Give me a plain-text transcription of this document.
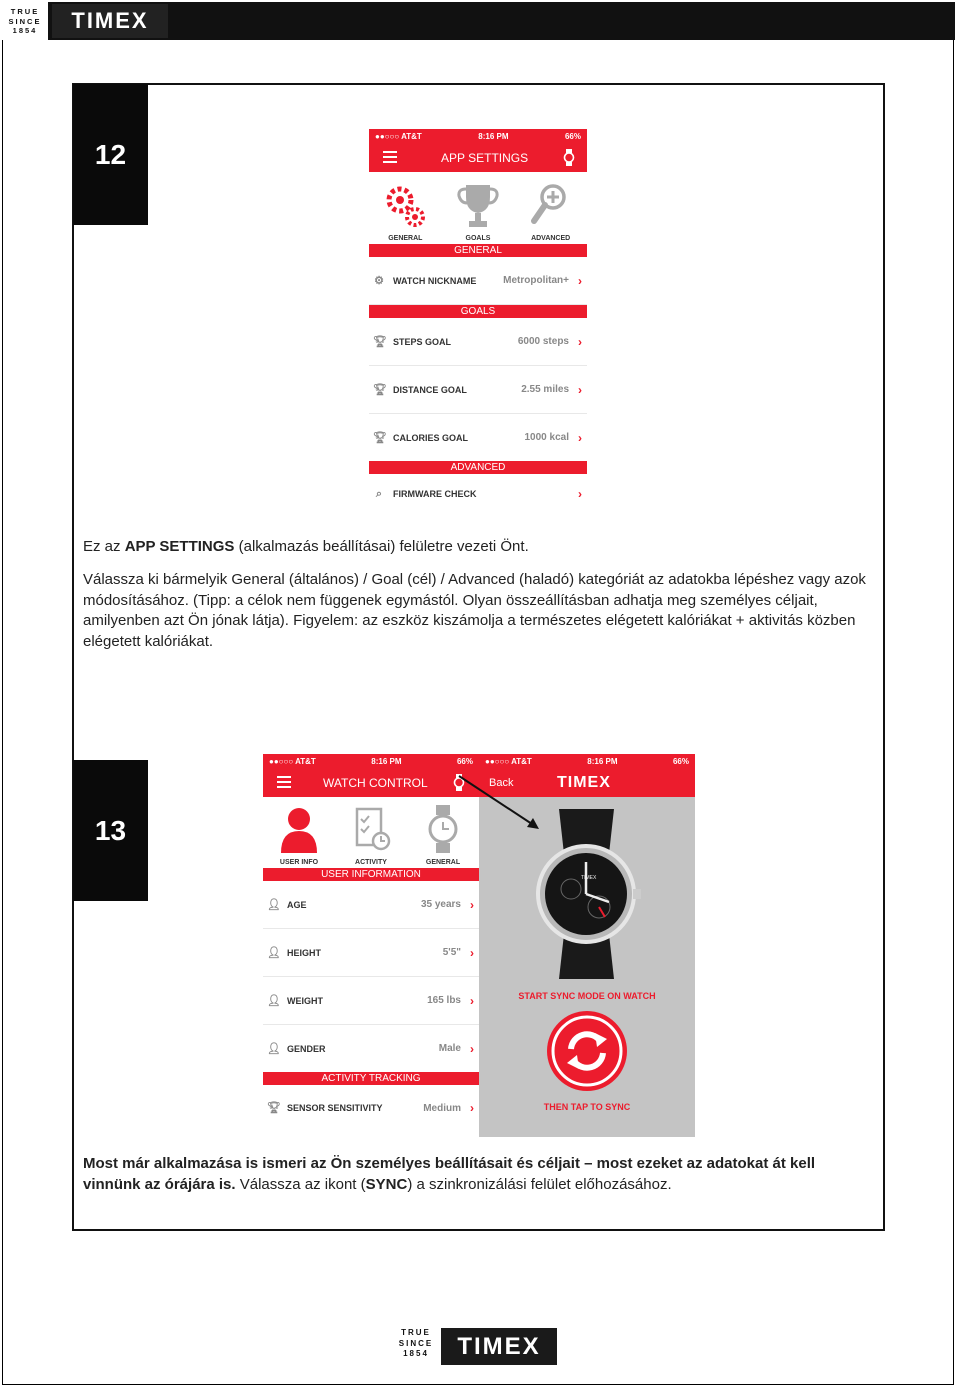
TRUE
SINCE
1854	TIMEX
12
●●○○○ AT&T	8:16 PM	66%
APP SETTINGS
GENERAL	GOALS	ADVANCED
GENERAL
⚙ WATCH NICKNAME	Metropolitan+ ›
GOALS
🏆︎ STEPS GOAL	6000 steps ›
🏆︎ DISTANCE GOAL	2.55 miles ›
🏆︎ CALORIES GOAL	1000 kcal ›
ADVANCED
⌕	FIRMWARE CHECK	›
Ez az APP SETTINGS (alkalmazás beállításai) felületre vezeti Önt.
Válassza ki bármelyik General (általános) / Goal (cél) / Advanced (haladó) kategóriát az adatokba lépéshez vagy azok módosításához. (Tipp: a célok nem függenek egymástól. Olyan összeállításban adhatja meg személyes céljait, amilyenben azt Ön jónak látja). Figyelem: az eszköz kiszámolja a természetes elégetett kalóriákat + aktivitás közben elégetett kalóriákat.
13
●●○○○ AT&T	8:16 PM	66%
WATCH CONTROL
USER INFO	ACTIVITY	GENERAL
USER INFORMATION
👤︎ AGE	35 years ›
👤︎ HEIGHT	5'5" ›
👤︎ WEIGHT	165 lbs ›
👤︎ GENDER	Male ›
ACTIVITY TRACKING
🏆︎ SENSOR SENSITIVITY	Medium ›
●●○○○ AT&T	8:16 PM	66%
Back	TIMEX
TIMEX
START SYNC MODE ON WATCH
THEN TAP TO SYNC
Most már alkalmazása is ismeri az Ön személyes beállításait és céljait – most ezeket az adatokat át kell vinnünk az órájára is. Válassza az ikont (SYNC) a szinkronizálási felület előhozásához.
TRUE
SINCE
1854	TIMEX
